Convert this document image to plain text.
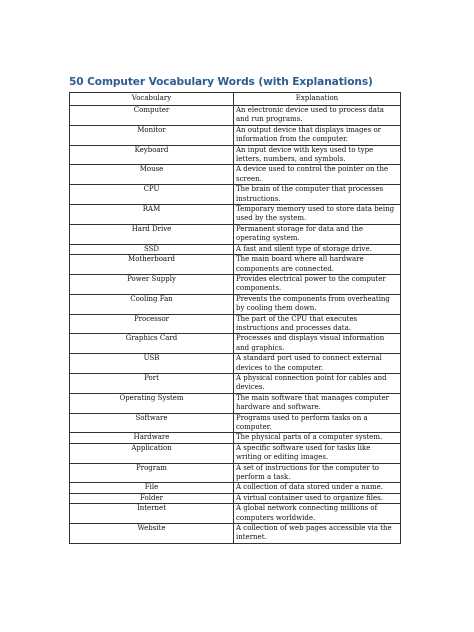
50 Computer Vocabulary Words (with Explanations)
Vocabulary	Explanation
Computer	An electronic device used to process data and run programs.
Monitor	An output device that displays images or information from the computer.
Keyboard	An input device with keys used to type letters, numbers, and symbols.
Mouse	A device used to control the pointer on the screen.
CPU	The brain of the computer that processes instructions.
RAM	Temporary memory used to store data being used by the system.
Hard Drive	Permanent storage for data and the operating system.
SSD	A fast and silent type of storage drive.
Motherboard	The main board where all hardware components are connected.
Power Supply	Provides electrical power to the computer components.
Cooling Fan	Prevents the components from overheating by cooling them down.
Processor	The part of the CPU that executes instructions and processes data.
Graphics Card	Processes and displays visual information and graphics.
USB	A standard port used to connect external devices to the computer.
Port	A physical connection point for cables and devices.
Operating System	The main software that manages computer hardware and software.
Software	Programs used to perform tasks on a computer.
Hardware	The physical parts of a computer system.
Application	A specific software used for tasks like writing or editing images.
Program	A set of instructions for the computer to perform a task.
File	A collection of data stored under a name.
Folder	A virtual container used to organize files.
Internet	A global network connecting millions of computers worldwide.
Website	A collection of web pages accessible via the internet.
